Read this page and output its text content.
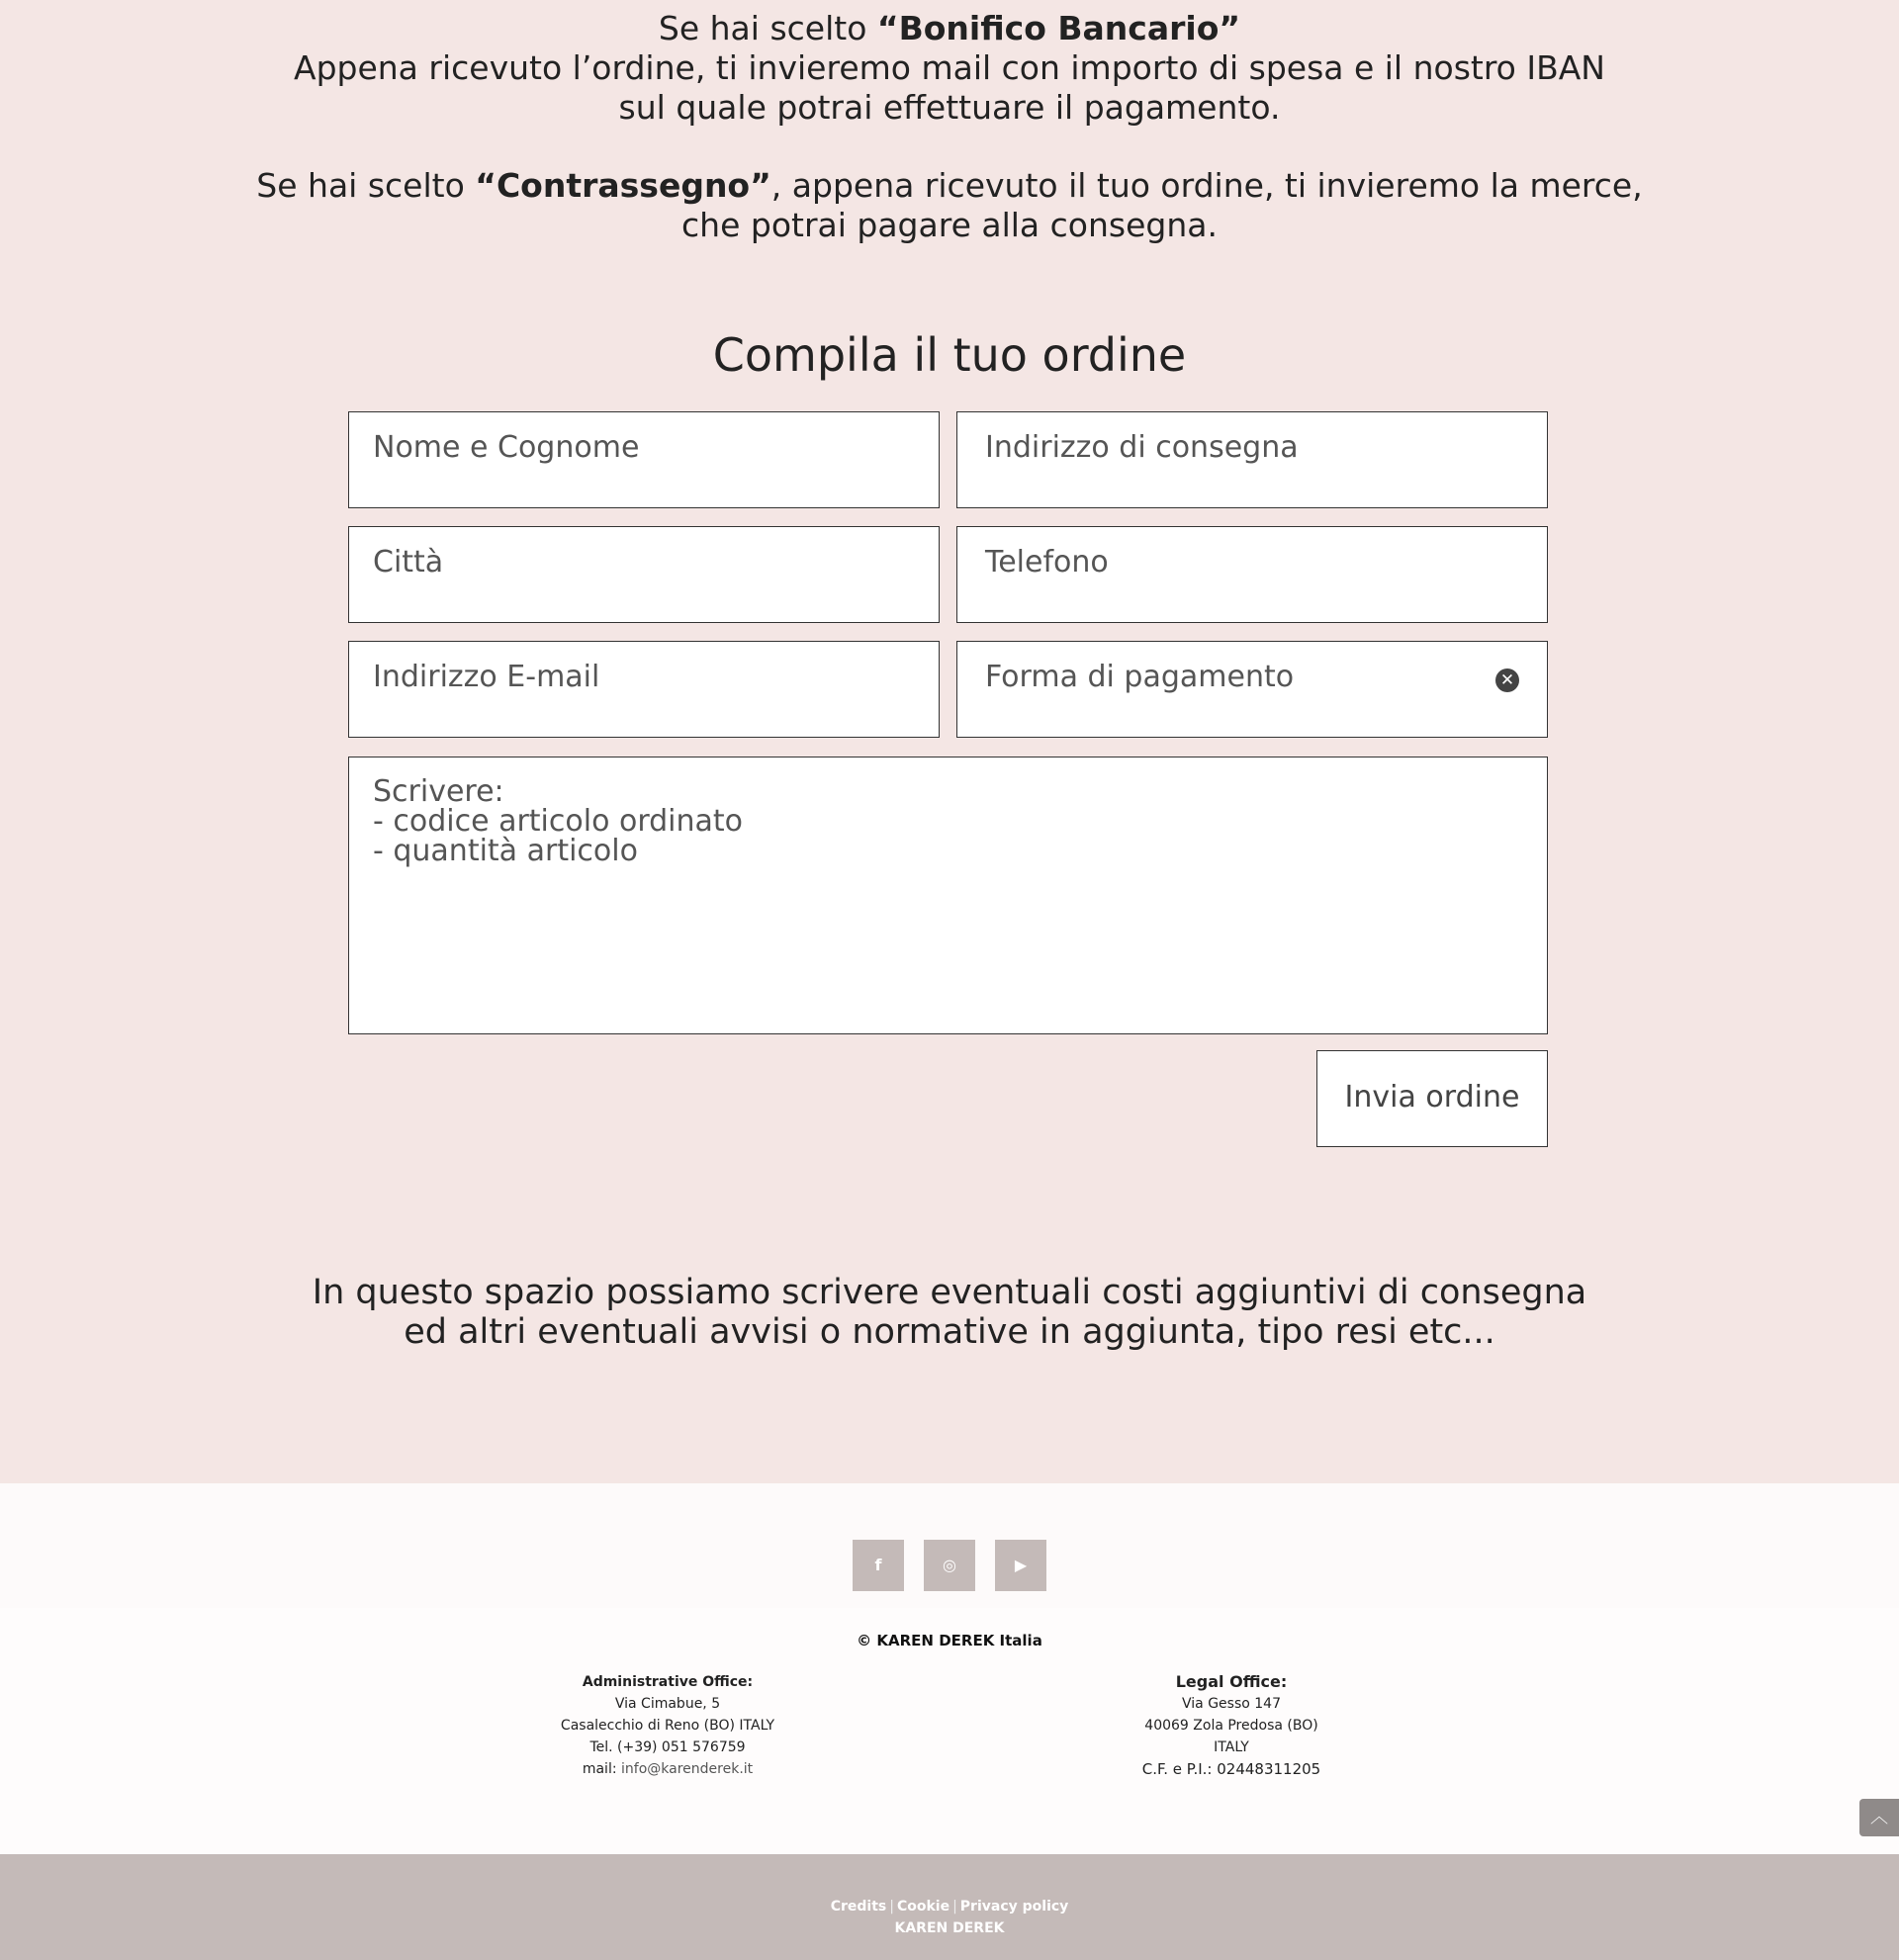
Se hai scelto “Bonifico Bancario”
Appena ricevuto l’ordine, ti invieremo mail con importo di spesa e il nostro IBAN
sul quale potrai effettuare il pagamento.
Se hai scelto “Contrassegno”, appena ricevuto il tuo ordine, ti invieremo la merce,
che potrai pagare alla consegna.
Compila il tuo ordine
Nome e Cognome	Indirizzo di consegna
Città	Telefono
Indirizzo E-mail	Forma di pagamento	✕
Scrivere:
- codice articolo ordinato
- quantità articolo
Invia ordine
In questo spazio possiamo scrivere eventuali costi aggiuntivi di consegna
ed altri eventuali avvisi o normative in aggiunta, tipo resi etc...
f	◎	▶
© KAREN DEREK Italia
Administrative Office:
Via Cimabue, 5
Casalecchio di Reno (BO) ITALY
Tel. (+39) 051 576759
mail: info@karenderek.it
Legal Office:
Via Gesso 147
40069 Zola Predosa (BO)
ITALY
C.F. e P.I.: 02448311205
︿
Credits | Cookie | Privacy policy
KAREN DEREK
